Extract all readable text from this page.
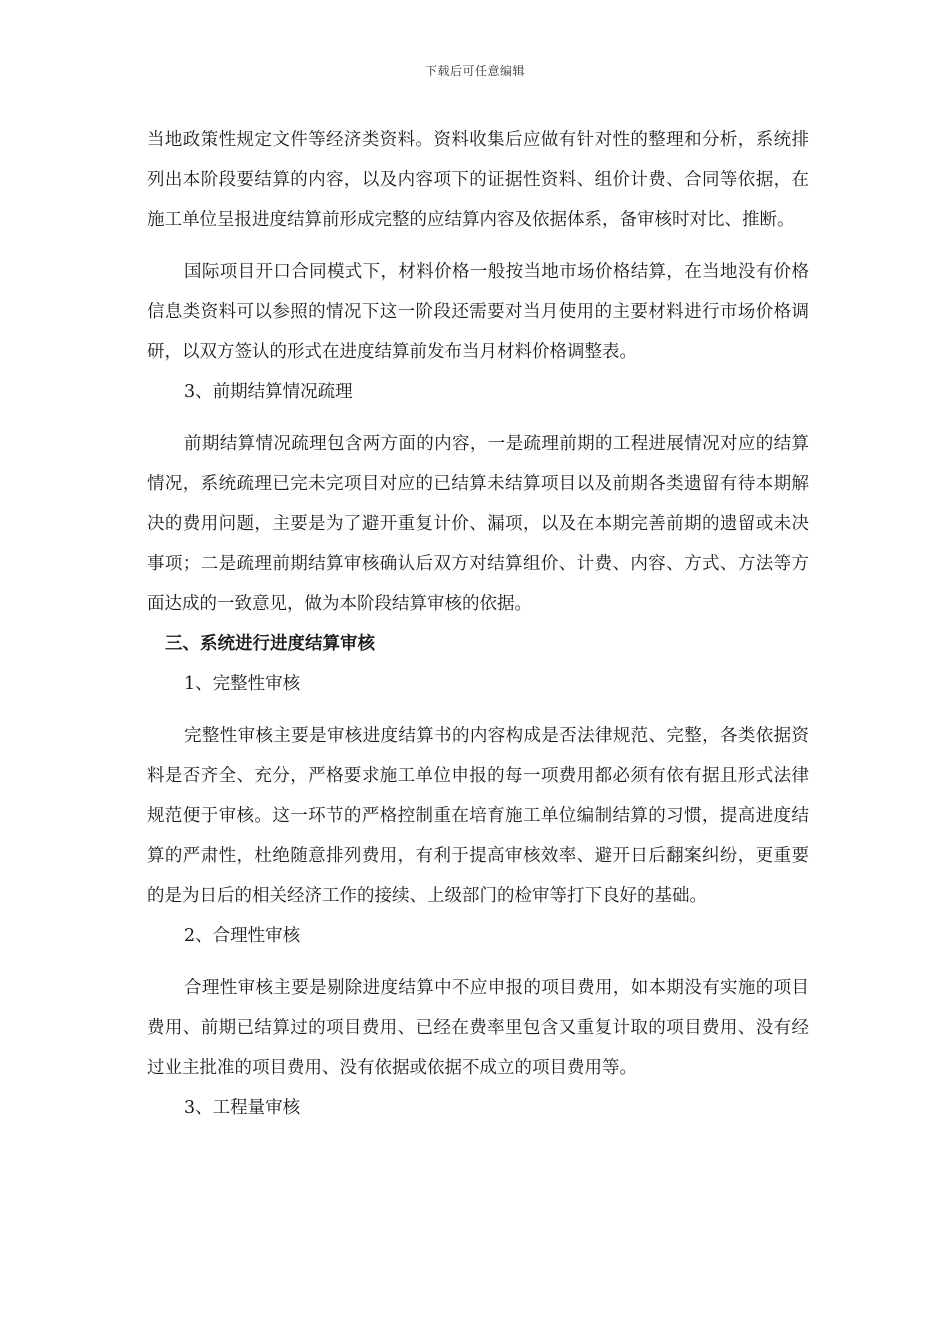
下载后可任意编辑

当地政策性规定文件等经济类资料。资料收集后应做有针对性的整理和分析，系统排列出本阶段要结算的内容，以及内容项下的证据性资料、组价计费、合同等依据，在施工单位呈报进度结算前形成完整的应结算内容及依据体系，备审核时对比、推断。

国际项目开口合同模式下，材料价格一般按当地市场价格结算，在当地没有价格信息类资料可以参照的情况下这一阶段还需要对当月使用的主要材料进行市场价格调研，以双方签认的形式在进度结算前发布当月材料价格调整表。

3、前期结算情况疏理

前期结算情况疏理包含两方面的内容，一是疏理前期的工程进展情况对应的结算情况，系统疏理已完未完项目对应的已结算未结算项目以及前期各类遗留有待本期解决的费用问题，主要是为了避开重复计价、漏项，以及在本期完善前期的遗留或未决事项；二是疏理前期结算审核确认后双方对结算组价、计费、内容、方式、方法等方面达成的一致意见，做为本阶段结算审核的依据。

三、系统进行进度结算审核

1、完整性审核

完整性审核主要是审核进度结算书的内容构成是否法律规范、完整，各类依据资料是否齐全、充分，严格要求施工单位申报的每一项费用都必须有依有据且形式法律规范便于审核。这一环节的严格控制重在培育施工单位编制结算的习惯，提高进度结算的严肃性，杜绝随意排列费用，有利于提高审核效率、避开日后翻案纠纷，更重要的是为日后的相关经济工作的接续、上级部门的检审等打下良好的基础。

2、合理性审核

合理性审核主要是剔除进度结算中不应申报的项目费用，如本期没有实施的项目费用、前期已结算过的项目费用、已经在费率里包含又重复计取的项目费用、没有经过业主批准的项目费用、没有依据或依据不成立的项目费用等。

3、工程量审核
